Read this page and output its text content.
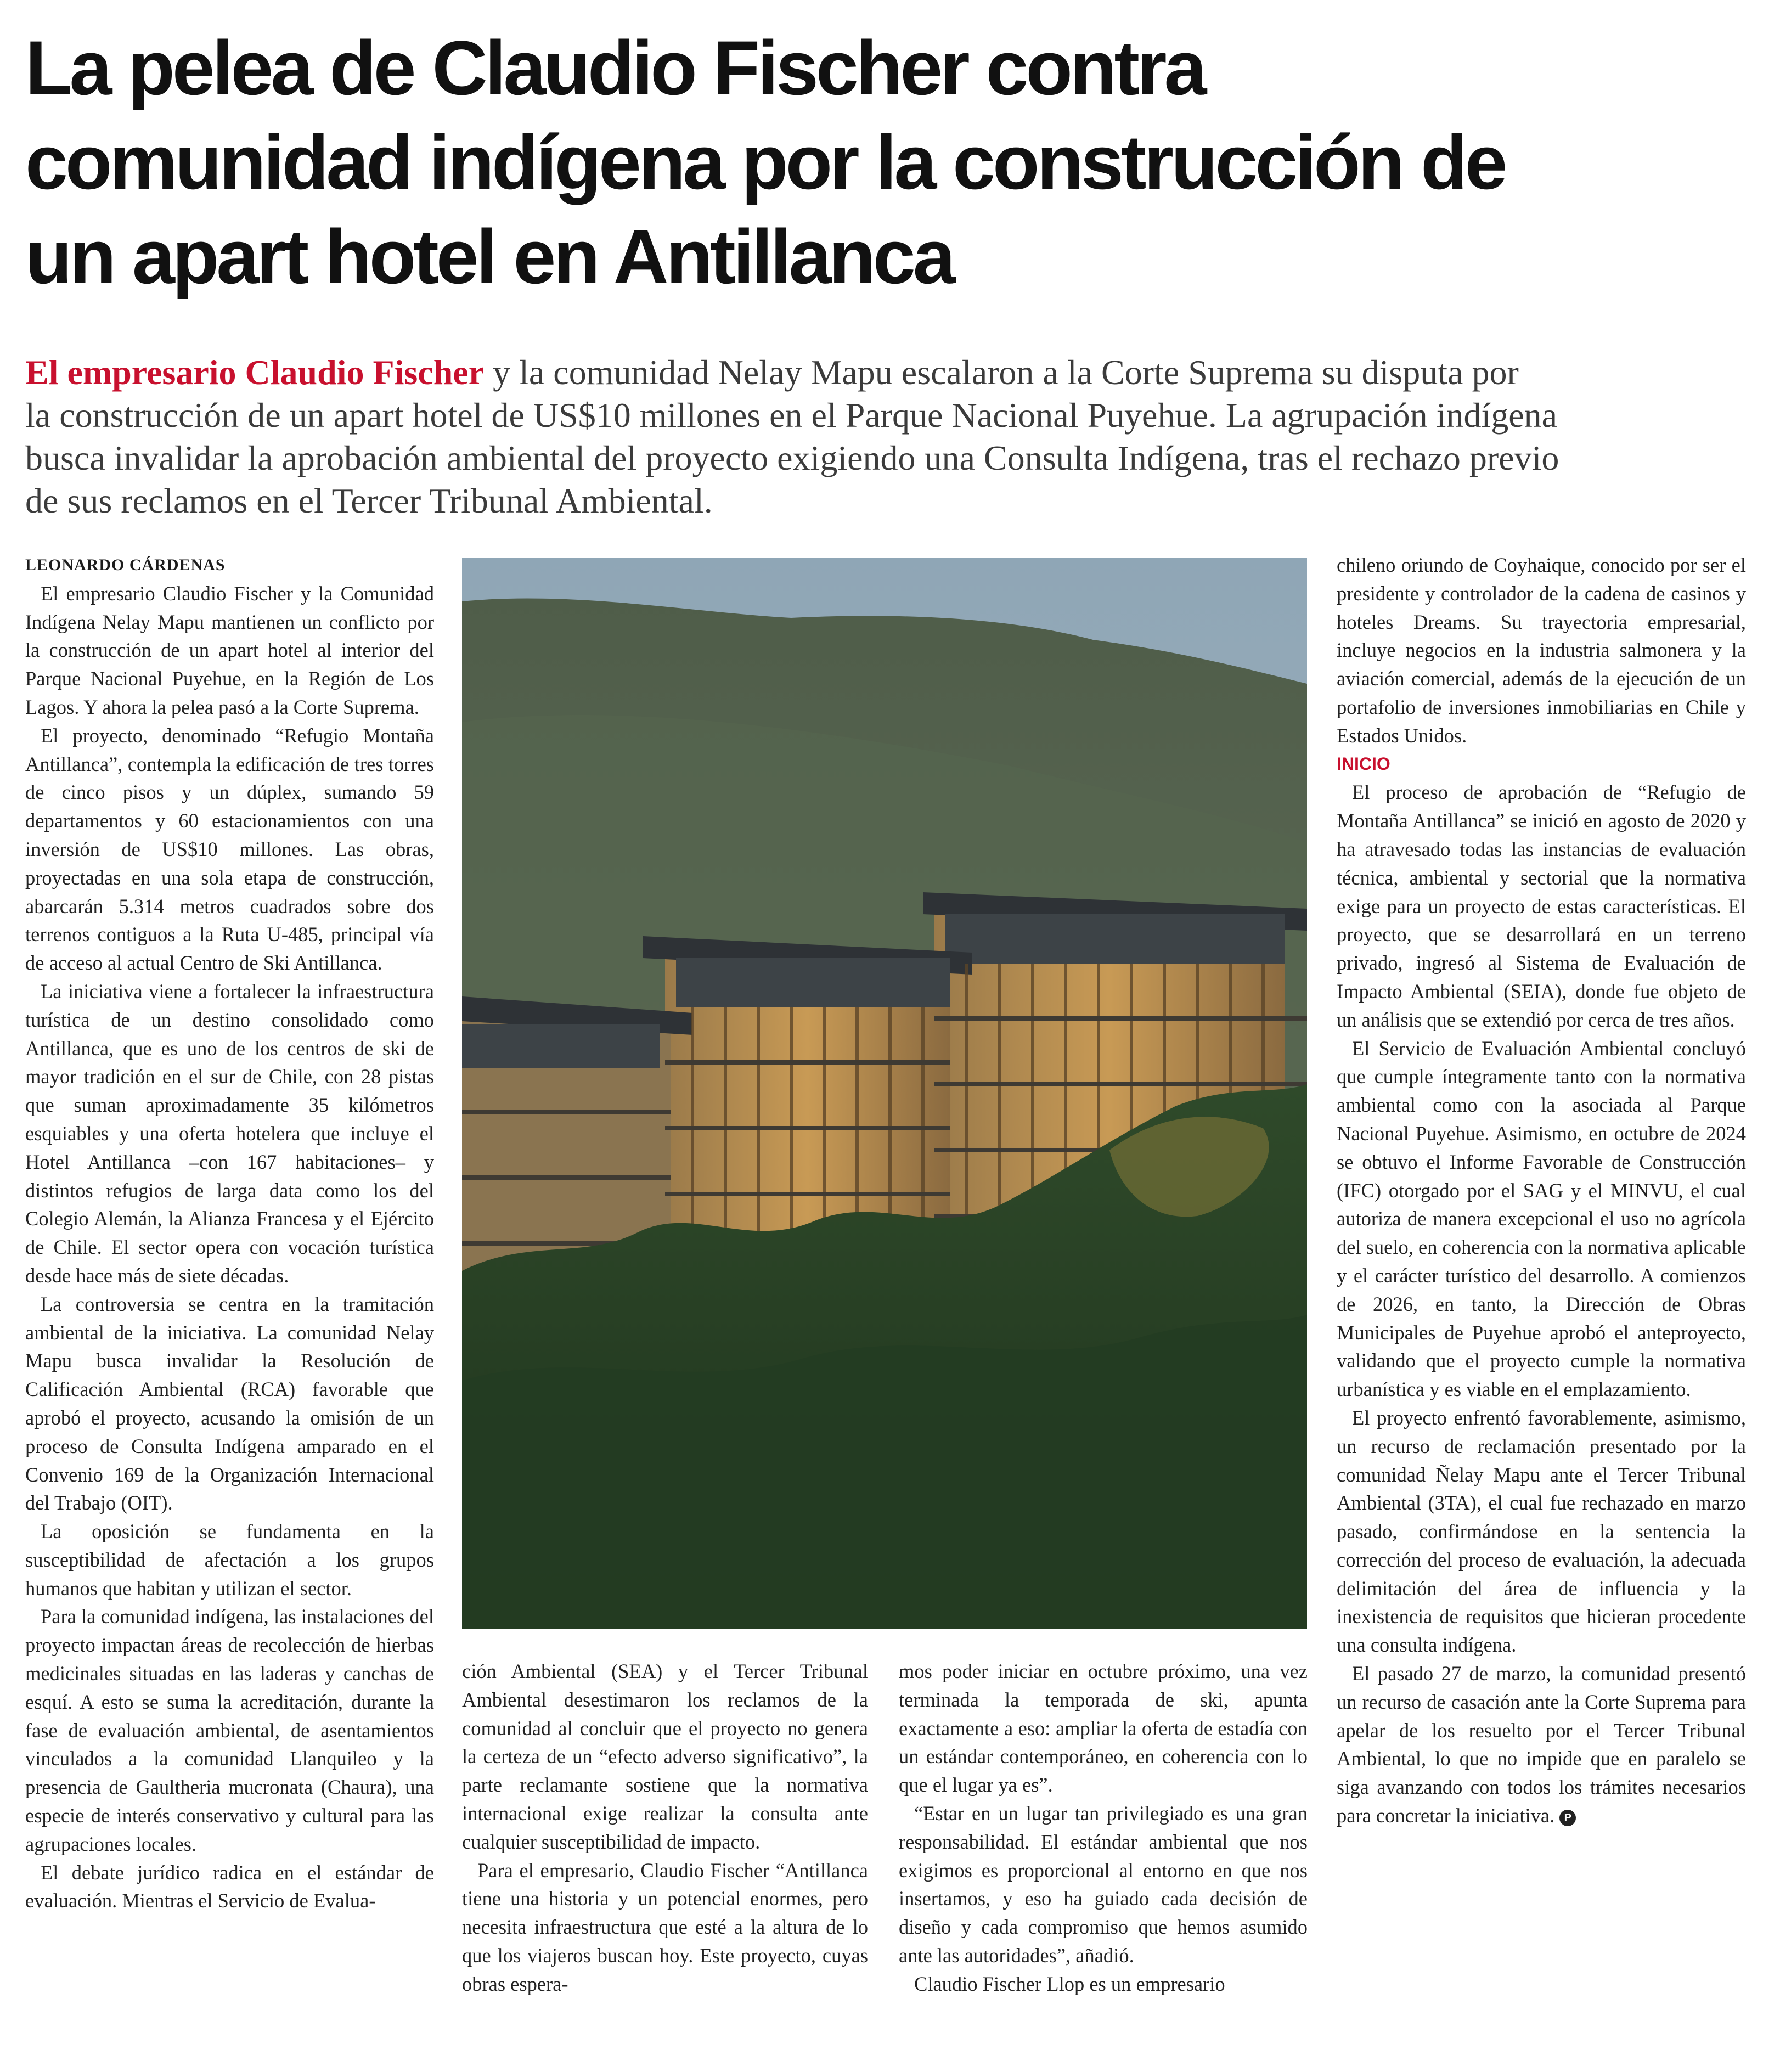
La pelea de Claudio Fischer contra
comunidad indígena por la construcción de
un apart hotel en Antillanca
El empresario Claudio Fischer y la comunidad Nelay Mapu escalaron a la Corte Suprema su disputa por
la construcción de un apart hotel de US$10 millones en el Parque Nacional Puyehue. La agrupación indígena
busca invalidar la aprobación ambiental del proyecto exigiendo una Consulta Indígena, tras el rechazo previo
de sus reclamos en el Tercer Tribunal Ambiental.

LEONARDO CÁRDENAS

El empresario Claudio Fischer y la Comunidad Indígena Nelay Mapu mantienen un conflicto por la construcción de un apart hotel al interior del Parque Nacional Puyehue, en la Región de Los Lagos. Y ahora la pelea pasó a la Corte Suprema.

El proyecto, denominado “Refugio Montaña Antillanca”, contempla la edificación de tres torres de cinco pisos y un dúplex, sumando 59 departamentos y 60 estacionamientos con una inversión de US$10 millones. Las obras, proyectadas en una sola etapa de construcción, abarcarán 5.314 metros cuadrados sobre dos terrenos contiguos a la Ruta U-485, principal vía de acceso al actual Centro de Ski Antillanca.

La iniciativa viene a fortalecer la infraestructura turística de un destino consolidado como Antillanca, que es uno de los centros de ski de mayor tradición en el sur de Chile, con 28 pistas que suman aproximadamente 35 kilómetros esquiables y una oferta hotelera que incluye el Hotel Antillanca –con 167 habitaciones– y distintos refugios de larga data como los del Colegio Alemán, la Alianza Francesa y el Ejército de Chile. El sector opera con vocación turística desde hace más de siete décadas.

La controversia se centra en la tramitación ambiental de la iniciativa. La comunidad Nelay Mapu busca invalidar la Resolución de Calificación Ambiental (RCA) favorable que aprobó el proyecto, acusando la omisión de un proceso de Consulta Indígena amparado en el Convenio 169 de la Organización Internacional del Trabajo (OIT).

La oposición se fundamenta en la susceptibilidad de afectación a los grupos humanos que habitan y utilizan el sector.

Para la comunidad indígena, las instalaciones del proyecto impactan áreas de recolección de hierbas medicinales situadas en las laderas y canchas de esquí. A esto se suma la acreditación, durante la fase de evaluación ambiental, de asentamientos vinculados a la comunidad Llanquileo y la presencia de Gaultheria mucronata (Chaura), una especie de interés conservativo y cultural para las agrupaciones locales.

El debate jurídico radica en el estándar de evaluación. Mientras el Servicio de Evalua-

ción Ambiental (SEA) y el Tercer Tribunal Ambiental desestimaron los reclamos de la comunidad al concluir que el proyecto no genera la certeza de un “efecto adverso significativo”, la parte reclamante sostiene que la normativa internacional exige realizar la consulta ante cualquier susceptibilidad de impacto.

Para el empresario, Claudio Fischer “Antillanca tiene una historia y un potencial enormes, pero necesita infraestructura que esté a la altura de lo que los viajeros buscan hoy. Este proyecto, cuyas obras espera-

mos poder iniciar en octubre próximo, una vez terminada la temporada de ski, apunta exactamente a eso: ampliar la oferta de estadía con un estándar contemporáneo, en coherencia con lo que el lugar ya es”.

“Estar en un lugar tan privilegiado es una gran responsabilidad. El estándar ambiental que nos exigimos es proporcional al entorno en que nos insertamos, y eso ha guiado cada decisión de diseño y cada compromiso que hemos asumido ante las autoridades”, añadió.

Claudio Fischer Llop es un empresario

chileno oriundo de Coyhaique, conocido por ser el presidente y controlador de la cadena de casinos y hoteles Dreams. Su trayectoria empresarial, incluye negocios en la industria salmonera y la aviación comercial, además de la ejecución de un portafolio de inversiones inmobiliarias en Chile y Estados Unidos.

INICIO

El proceso de aprobación de “Refugio de Montaña Antillanca” se inició en agosto de 2020 y ha atravesado todas las instancias de evaluación técnica, ambiental y sectorial que la normativa exige para un proyecto de estas características. El proyecto, que se desarrollará en un terreno privado, ingresó al Sistema de Evaluación de Impacto Ambiental (SEIA), donde fue objeto de un análisis que se extendió por cerca de tres años.

El Servicio de Evaluación Ambiental concluyó que cumple íntegramente tanto con la normativa ambiental como con la asociada al Parque Nacional Puyehue. Asimismo, en octubre de 2024 se obtuvo el Informe Favorable de Construcción (IFC) otorgado por el SAG y el MINVU, el cual autoriza de manera excepcional el uso no agrícola del suelo, en coherencia con la normativa aplicable y el carácter turístico del desarrollo. A comienzos de 2026, en tanto, la Dirección de Obras Municipales de Puyehue aprobó el anteproyecto, validando que el proyecto cumple la normativa urbanística y es viable en el emplazamiento.

El proyecto enfrentó favorablemente, asimismo, un recurso de reclamación presentado por la comunidad Ñelay Mapu ante el Tercer Tribunal Ambiental (3TA), el cual fue rechazado en marzo pasado, confirmándose en la sentencia la corrección del proceso de evaluación, la adecuada delimitación del área de influencia y la inexistencia de requisitos que hicieran procedente una consulta indígena.

El pasado 27 de marzo, la comunidad presentó un recurso de casación ante la Corte Suprema para apelar de los resuelto por el Tercer Tribunal Ambiental, lo que no impide que en paralelo se siga avanzando con todos los trámites necesarios para concretar la iniciativa. P
